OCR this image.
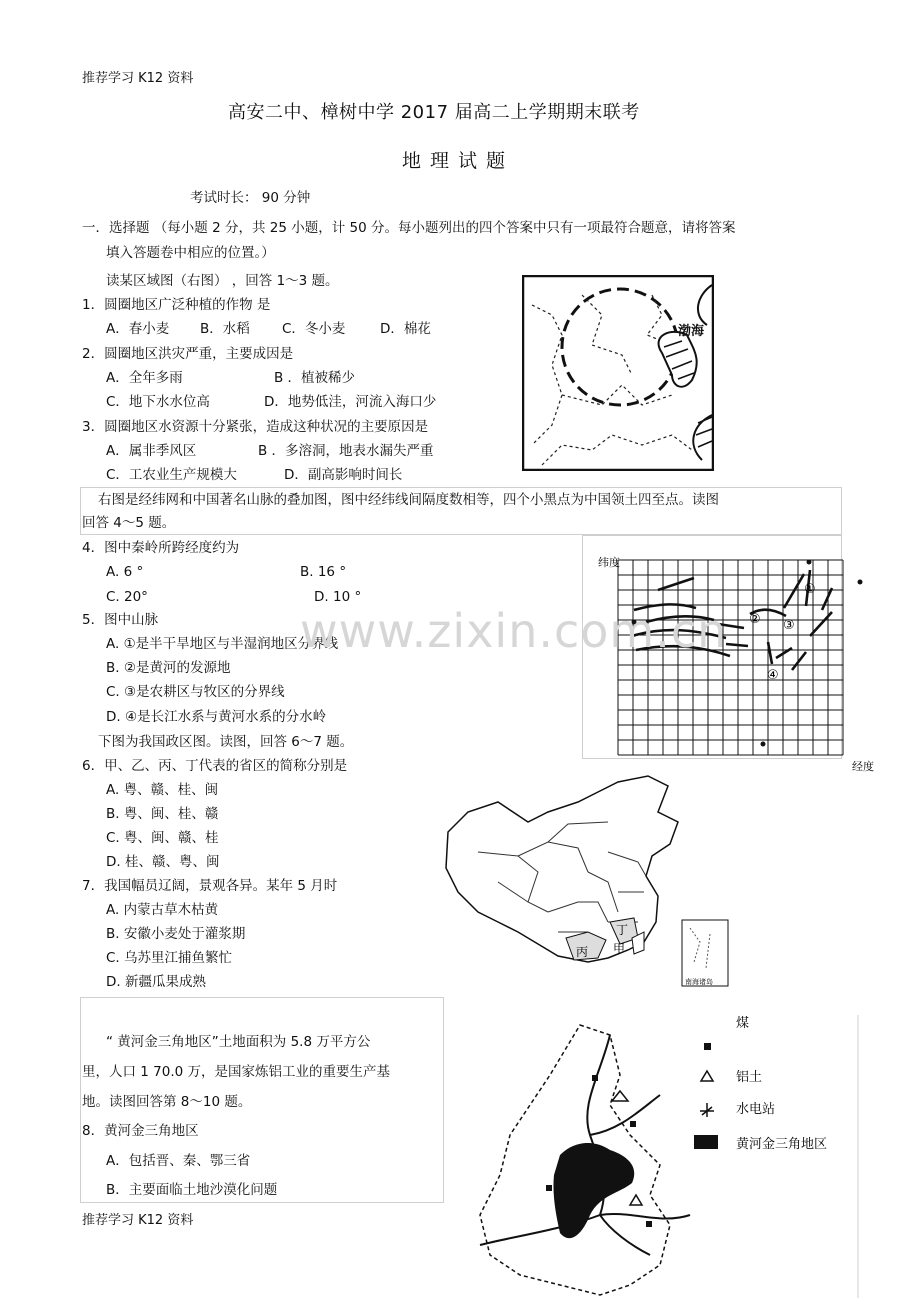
推荐学习 K12 资料
高安二中、樟树中学 2017 届高二上学期期末联考
地理试题
考试时长： 90 分钟
一．选择题 （每小题 2 分，共 25 小题，计 50 分。每小题列出的四个答案中只有一项最符合题意，请将答案
填入答题卷中相应的位置。）
读某区域图（右图） ，回答 1～3 题。
1．圆圈地区广泛种植的作物 是
A．春小麦 B．水稻 C．冬小麦	D．棉花
2．圆圈地区洪灾严重，主要成因是
A．全年多雨	B ．植被稀少
C．地下水水位高	D．地势低洼，河流入海口少
3．圆圈地区水资源十分紧张，造成这种状况的主要原因是
A．属非季风区	B ．多溶洞，地表水漏失严重
C．工农业生产规模大	D．副高影响时间长
渤海
右图是经纬网和中国著名山脉的叠加图，图中经纬线间隔度数相等，四个小黑点为中国领土四至点。读图
回答 4～5 题。
4．图中秦岭所跨经度约为
A. 6 °	B. 16 °
C. 20°	D. 10 °
5．图中山脉
A. ①是半干旱地区与半湿润地区分界线
B. ②是黄河的发源地
C. ③是农耕区与牧区的分界线
D. ④是长江水系与黄河水系的分水岭
纬度
①
② ③
④
经度
www.zixin.com.cn
下图为我国政区图。读图，回答 6～7 题。
6．甲、乙、丙、丁代表的省区的简称分别是
A. 粤、赣、桂、闽
B. 粤、闽、桂、赣
C. 粤、闽、赣、桂
D. 桂、赣、粤、闽
7．我国幅员辽阔，景观各异。某年 5 月时
A. 内蒙古草木枯黄
B. 安徽小麦处于灌浆期
C. 乌苏里江捕鱼繁忙
D. 新疆瓜果成熟
丙 甲
丁
南海诸岛
“ 黄河金三角地区”土地面积为 5.8 万平方公
里，人口 1 70.0 万，是国家炼铝工业的重要生产基
地。读图回答第 8～10 题。
8．黄河金三角地区
A．包括晋、秦、鄂三省
B．主要面临土地沙漠化问题
煤
铝土
水电站
黄河金三角地区
推荐学习 K12 资料
